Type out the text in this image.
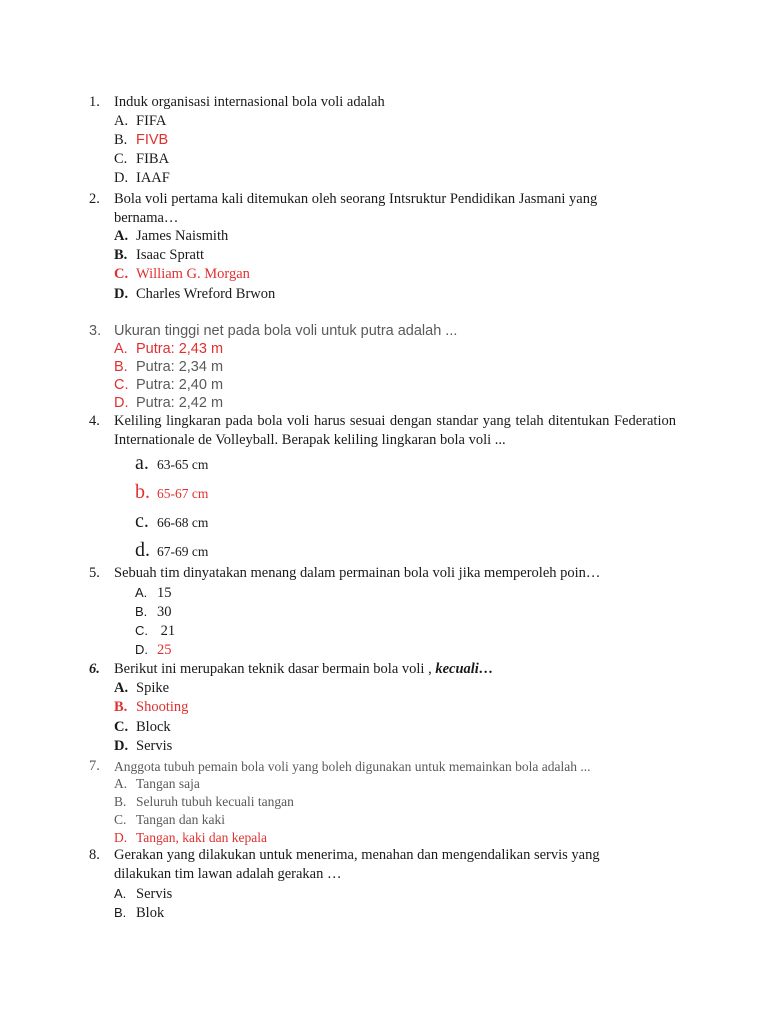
1. Induk organisasi internasional bola voli adalah
A. FIFA
B.FIVB
C. FIBA
D. IAAF
2. Bola voli pertama kali ditemukan oleh seorang Intsruktur Pendidikan Jasmani yang bernama…
A. James Naismith
B. Isaac Spratt
C. William G. Morgan
D. Charles Wreford Brwon
3. Ukuran tinggi net pada bola voli untuk putra adalah ...
A. Putra: 2,43 m
B. Putra: 2,34 m
C. Putra: 2,40 m
D. Putra: 2,42 m
4. Keliling lingkaran pada bola voli harus sesuai dengan standar yang telah ditentukan Federation Internationale de Volleyball. Berapak keliling lingkaran bola voli ...
a. 63-65 cm
b. 65-67 cm
c. 66-68 cm
d. 67-69 cm
5. Sebuah tim dinyatakan menang dalam permainan bola voli jika memperoleh poin…
A. 15
B. 30
C. 21
D. 25
6. Berikut ini merupakan teknik dasar bermain bola voli , kecuali…
A. Spike
B. Shooting
C. Block
D. Servis
7. Anggota tubuh pemain bola voli yang boleh digunakan untuk memainkan bola adalah ...
A. Tangan saja
B. Seluruh tubuh kecuali tangan
C. Tangan dan kaki
D. Tangan, kaki dan kepala
8. Gerakan yang dilakukan untuk menerima, menahan dan mengendalikan servis yang dilakukan tim lawan adalah gerakan …
A. Servis
B. Blok
